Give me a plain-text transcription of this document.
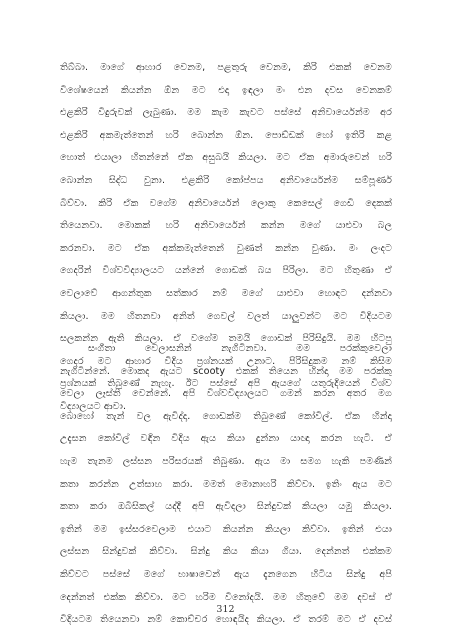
තිබ්බා. මාගේ ආහාර වෙනම, පළතුරු වෙනම, කිරි එකක් වෙනම
විශේෂයෙන් කියන්න ඕන මට එදා ඉඳලා මං එන දවස වෙනකම්
එළකිරි විදුරුවක් ලැබුණා. මම කැම කැවට පස්සේ අනිවාර්යෙන්ම අර
එළකිරි අකමැත්තෙන් හරි බොන්න ඕන. පොඩ්ඩක් හෝ ඉතිරි කළ
හොත් එයාලා හිතන්නේ ඒක අසුබයි කියලා. මට ඒක අමාරුවෙන් හරි
බොන්න සිද්ධ වුනා. එළකිරි කෝප්පය අනිවාර්යෙන්ම සම්පූර්ණ
බිව්වා. කිරි ඒක වගේම අනිවාර්යෙන් ලොකු කෙසෙල් ගෙඩි දෙකක්
තියෙනවා. මොකක් හරි අනිවාර්යෙන් කන්න මගේ යාළුවා බල
කරනවා. මට ඒක අක්කමැත්තෙන් වුණත් කන්න වුණා. මං ලංදට
ගෙදරින් විශ්වවිද්‍යාලයට යන්නේ ගොඩක් බය පිරිලා. මට හිතුණා ඒ
වෙලාවේ ආගන්තුක සත්කාර නම් මගේ යාළුවා හොඳට දන්නවා
කියලා. මම හිතනවා අනිත් ගෙවල් වලත් යාලුවන්ට මට විදියටම
සලකන්න ඇති කියලා. ඒ වගේම තමයි ගොඩක් පිරිසිදුයි. මම හිටපු
ගෙදර මට ආහාර විදිය ප්‍රශ්නයක් උනාට. පිරිසිදුකම නම් කිසිම
ප්‍රශ්නයක් තිබුණේ නැහැ. ඊට පස්සේ අපි ඇයගේ යතුරුදියෙන් විශ්ව
විද්‍යාලයට ආවා.
සංගීතා වෙලාසනින් නැගිටිනවා. මම පරක්කුවෙලා
නැගිටින්නේ. මොකද ඇයට scooty එකක් තියෙන හින්දා මම පරක්කු
වෙලා ලෑස්ති වෙන්නේ. අපි විශ්වවිද්‍යාලයට ගමන් කරන අතර මග
බොහෝ තැන් වල ඇවිද්දා. ගොඩක්ම තිබුණේ කෝවිල්. ඒක හින්දා
උදැසන කෝවිල් වඳින විදිය ඇය කියා දුන්නා යාඥා කරන හැටි. ඒ
හැම තැනම ලස්සන පරිසරයක් තිබුණා. ඇය මා සමග හැකි පමණින්
කතා කරන්න උත්සාහ කරා. මමත් මොනාහරි කිව්වා. ඉතිං ඇය මට
කතා කරා ඔබිසිකල් යද්දී අපි ඇවිදලා සින්දුවක් කියලා යමු කියලා.
ඉතින් මම ඉස්සරවෙලාම එයාට කියන්න කියලා කිව්වා. ඉතින් එයා
ලස්සන සින්දුවක් කිව්වා. සින්දු කිය කියා ගියා. දෙන්නත් එක්කම
කිව්වට පස්සේ මගේ භාෂාවෙන් ඇය දැනගෙන හිටිය සින්දු අපි
දෙන්නත් එක්ක කිව්වා. මට හරිම විනෝදයි. මම හිතුවේ මම දවස් ඒ
විදියටම තියෙනවා නම් කොච්චර හොඳයිද කියලා. ඒ තරම් මට ඒ දවස්
312
